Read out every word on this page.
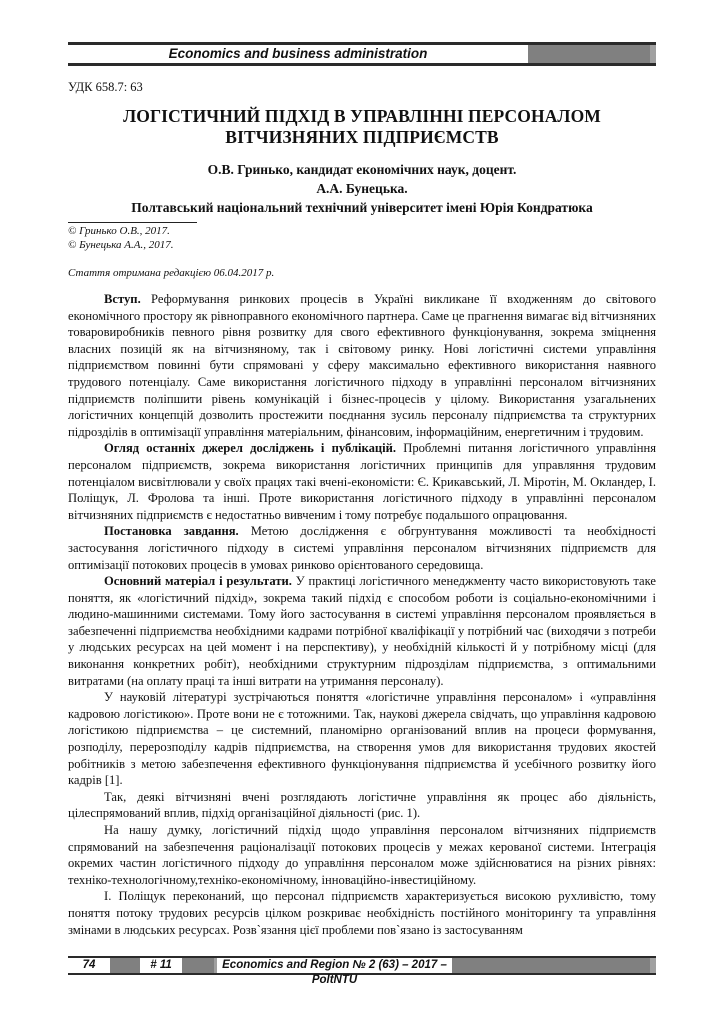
Economics and business administration
УДК 658.7: 63
ЛОГІСТИЧНИЙ ПІДХІД В УПРАВЛІННІ ПЕРСОНАЛОМ
ВІТЧИЗНЯНИХ ПІДПРИЄМСТВ
О.В. Гринько, кандидат економічних наук, доцент.
А.А. Бунецька.
Полтавський національний технічний університет імені Юрія Кондратюка
© Гринько О.В., 2017.
© Бунецька А.А., 2017.
Стаття отримана редакцією 06.04.2017 р.

Вступ. Реформування ринкових процесів в Україні викликане її входженням до світового економічного простору як рівноправного економічного партнера. Саме це прагнення вимагає від вітчизняних товаровиробників певного рівня розвитку для свого ефективного функціонування, зокрема зміцнення власних позицій як на вітчизняному, так і світовому ринку. Нові логістичні системи управління підприємством повинні бути спрямовані у сферу максимально ефективного використання наявного трудового потенціалу. Саме використання логістичного підходу в управлінні персоналом вітчизняних підприємств поліпшити рівень комунікацій і бізнес-процесів у цілому. Використання узагальнених логістичних концепцій дозволить простежити поєднання зусиль персоналу підприємства та структурних підрозділів в оптимізації управління матеріальним, фінансовим, інформаційним, енергетичним і трудовим.

Огляд останніх джерел досліджень і публікацій. Проблемні питання логістичного управління персоналом підприємств, зокрема використання логістичних принципів для управляння трудовим потенціалом висвітлювали у своїх працях такі вчені-економісти: Є. Крикавський, Л. Міротін, М. Окландер, І. Поліщук, Л. Фролова та інші. Проте використання логістичного підходу в управлінні персоналом вітчизняних підприємств є недостатньо вивченим і тому потребує подальшого опрацювання.

Постановка завдання. Метою дослідження є обгрунтування можливості та необхідності застосування логістичного підходу в системі управління персоналом вітчизняних підприємств для оптимізації потокових процесів в умовах ринково орієнтованого середовища.

Основний матеріал і результати. У практиці логістичного менеджменту часто використовують таке поняття, як «логістичний підхід», зокрема такий підхід є способом роботи із соціально-економічними і людино-машинними системами. Тому його застосування в системі управління персоналом проявляється в забезпеченні підприємства необхідними кадрами потрібної кваліфікації у потрібний час (виходячи з потреби у людських ресурсах на цей момент і на перспективу), у необхідній кількості й у потрібному місці (для виконання конкретних робіт), необхідними структурним підрозділам підприємства, з оптимальними витратами (на оплату праці та інші витрати на утримання персоналу).

У науковій літературі зустрічаються поняття «логістичне управління персоналом» і «управління кадровою логістикою». Проте вони не є тотожними. Так, наукові джерела свідчать, що управління кадровою логістикою підприємства – це системний, планомірно організований вплив на процеси формування, розподілу, перерозподілу кадрів підприємства, на створення умов для використання трудових якостей робітників з метою забезпечення ефективного функціонування підприємства й усебічного розвитку його кадрів [1].

Так, деякі вітчизняні вчені розглядають логістичне управління як процес або діяльність, цілеспрямований вплив, підхід організаційної діяльності (рис. 1).

На нашу думку, логістичний підхід щодо управління персоналом вітчизняних підприємств спрямований на забезпечення раціоналізації потокових процесів у межах керованої системи. Інтеграція окремих частин логістичного підходу до управління персоналом може здійснюватися на різних рівнях: техніко-технологічному,техніко-економічному, інноваційно-інвестиційному.

І. Поліщук переконаний, що персонал підприємств характеризується високою рухливістю, тому поняття потоку трудових ресурсів цілком розкриває необхідність постійного моніторингу та управління змінами в людських ресурсах. Розв`язання цієї проблеми пов`язано із застосуванням

74	# 11	Economics and Region № 2 (63) – 2017 – PoltNTU
